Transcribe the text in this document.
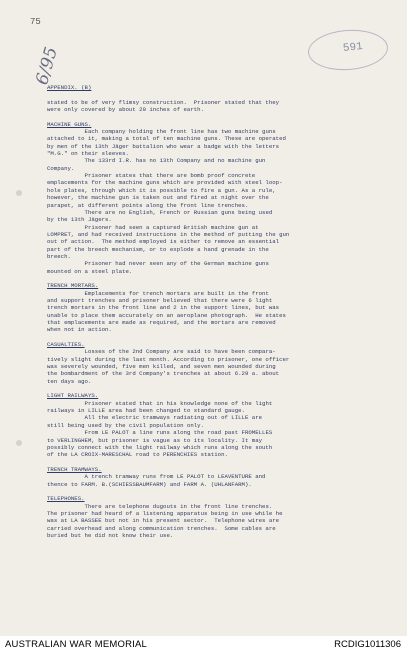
75
591
6/95

APPENDIX. (B)

stated to be of very flimsy construction.  Prisoner stated that they

were only covered by about 20 inches of earth.

MACHINE GUNS.

Each company holding the front line has two machine guns

attached to it, making a total of ten machine guns. These are operated

by men of the 13th Jäger battalion who wear a badge with the letters

"M.G." on their sleeves.

The 133rd I.R. has no 13th Company and no machine gun

Company.

Prisoner states that there are bomb proof concrete

emplacements for the machine guns which are provided with steel loop-

hole plates, through which it is possible to fire a gun. As a rule,

however, the machine gun is taken out and fired at night over the

parapet, at different points along the front line trenches.

There are no English, French or Russian guns being used

by the 13th Jägers.

Prisoner had seen a captured British machine gun at

LOMPRET, and had received instructions in the method of putting the gun

out of action.  The method employed is either to remove an essential

part of the breech mechanism, or to explode a hand grenade in the

breech.

Prisoner had never seen any of the German machine guns

mounted on a steel plate.

TRENCH MORTARS.

Emplacements for trench mortars are built in the front

and support trenches and prisoner believed that there were 6 light

trench mortars in the front line and 2 in the support lines, but was

unable to place them accurately on an aeroplane photograph.  He states

that emplacements are made as required, and the mortars are removed

when not in action.

CASUALTIES.

Losses of the 2nd Company are said to have been compara-

tively slight during the last month. According to prisoner, one officer

was severely wounded, five men killed, and seven men wounded during

the bombardment of the 3rd Company's trenches at about 6.29 a. about

ten days ago.

LIGHT RAILWAYS.

Prisoner stated that in his knowledge none of the light

railways in LILLE area had been changed to standard gauge.

All the electric tramways radiating out of LILLE are

still being used by the civil population only.

From LE PALOT a line runs along the road past FROMELLES

to VERLINGHEM, but prisoner is vague as to its locality. It may

possibly connect with the light railway which runs along the south

of the LA CROIX-MARESCHAL road to PERENCHIES station.

TRENCH TRAMWAYS.

A trench tramway runs from LE PALOT to LEAVENTURE and

thence to FARM. B.(SCHIESSBAUMFARM) and FARM A. (UHLANFARM).

TELEPHONES.

There are telephone dugouts in the front line trenches.

The prisoner had heard of a listening apparatus being in use while he

was at LA BASSEE but not in his present sector.  Telephone wires are

carried overhead and along communication trenches.  Some cables are

buried but he did not know their use.

AUSTRALIAN WAR MEMORIAL	RCDIG1011306
